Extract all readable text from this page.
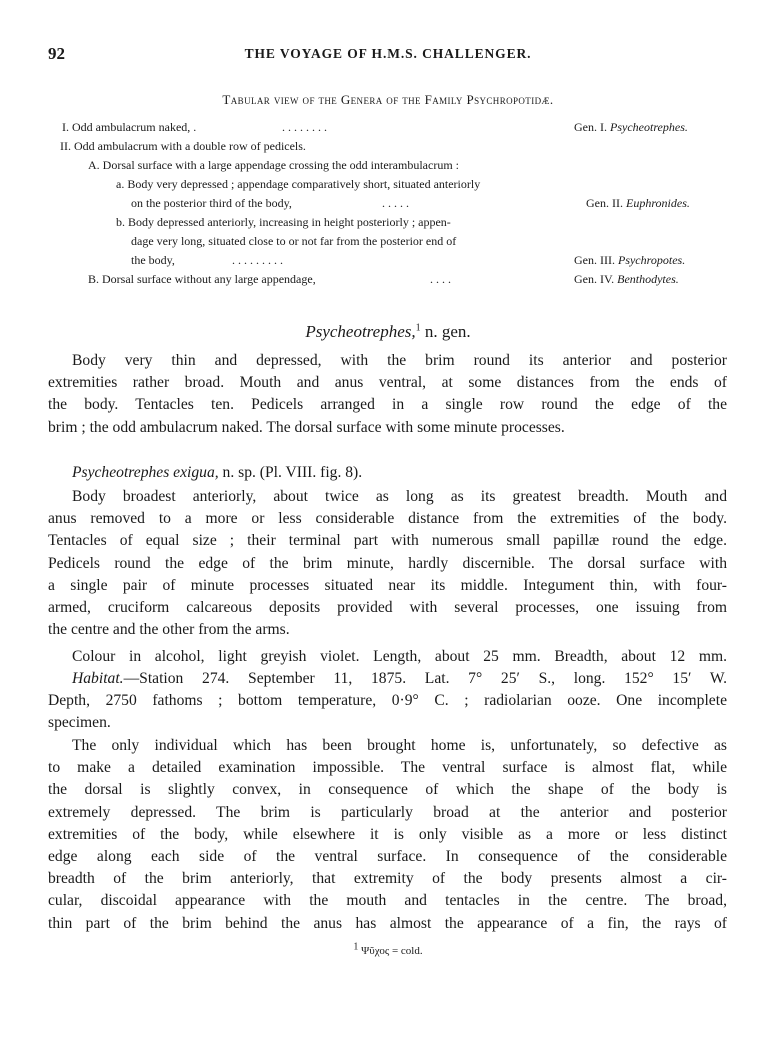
92	THE VOYAGE OF H.M.S. CHALLENGER.
Tabular view of the Genera of the Family Psychropotidæ.
I. Odd ambulacrum naked, .	. . . . . . . .	Gen. I. Psycheotrephes.
II. Odd ambulacrum with a double row of pedicels.
A. Dorsal surface with a large appendage crossing the odd interambulacrum :
a. Body very depressed ; appendage comparatively short, situated anteriorly
on the posterior third of the body,	. . . . .	Gen. II. Euphronides.
b. Body depressed anteriorly, increasing in height posteriorly ; appen-
dage very long, situated close to or not far from the posterior end of
the body,	. . . . . . . . .	Gen. III. Psychropotes.
B. Dorsal surface without any large appendage,	. . . .	Gen. IV. Benthodytes.
Psycheotrephes,$^1$ n. gen.
Body very thin and depressed, with the brim round its anterior and posterior
extremities rather broad. Mouth and anus ventral, at some distances from the ends of
the body. Tentacles ten. Pedicels arranged in a single row round the edge of the
brim ; the odd ambulacrum naked. The dorsal surface with some minute processes.
Psycheotrephes exigua, n. sp. (Pl. VIII. fig. 8).
Body broadest anteriorly, about twice as long as its greatest breadth. Mouth and
anus removed to a more or less considerable distance from the extremities of the body.
Tentacles of equal size ; their terminal part with numerous small papillæ round the edge.
Pedicels round the edge of the brim minute, hardly discernible. The dorsal surface with
a single pair of minute processes situated near its middle. Integument thin, with four-
armed, cruciform calcareous deposits provided with several processes, one issuing from
the centre and the other from the arms.
Colour in alcohol, light greyish violet. Length, about 25 mm. Breadth, about 12 mm.
Habitat.—Station 274. September 11, 1875. Lat. 7° 25′ S., long. 152° 15′ W.
Depth, 2750 fathoms ; bottom temperature, 0·9° C. ; radiolarian ooze. One incomplete
specimen.
The only individual which has been brought home is, unfortunately, so defective as
to make a detailed examination impossible. The ventral surface is almost flat, while
the dorsal is slightly convex, in consequence of which the shape of the body is
extremely depressed. The brim is particularly broad at the anterior and posterior
extremities of the body, while elsewhere it is only visible as a more or less distinct
edge along each side of the ventral surface. In consequence of the considerable
breadth of the brim anteriorly, that extremity of the body presents almost a cir-
cular, discoidal appearance with the mouth and tentacles in the centre. The broad,
thin part of the brim behind the anus has almost the appearance of a fin, the rays of
$^1$ Ψῦχος = cold.
